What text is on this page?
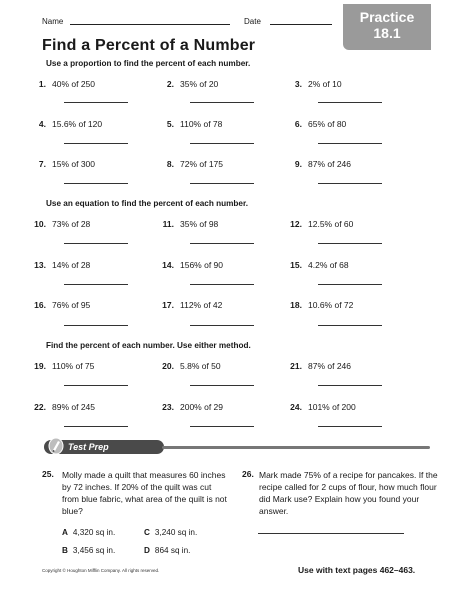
Name	Date	Practice
18.1
Find a Percent of a Number
Use a proportion to find the percent of each number.
1. 40% of 250	2. 35% of 20	3. 2% of 10
4. 15.6% of 120	5. 110% of 78	6. 65% of 80
7. 15% of 300	8. 72% of 175	9. 87% of 246
Use an equation to find the percent of each number.
10. 73% of 28	11. 35% of 98	12. 12.5% of 60
13. 14% of 28	14. 156% of 90	15. 4.2% of 68
16. 76% of 95	17. 112% of 42	18. 10.6% of 72
Find the percent of each number. Use either method.
19. 110% of 75	20. 5.8% of 50	21. 87% of 246
22. 89% of 245	23. 200% of 29	24. 101% of 200
Test Prep
25. Molly made a quilt that measures 60 inches by 72 inches. If 20% of the quilt was cut from blue fabric, what area of the quilt is not blue?
A 4,320 sq in.	C 3,240 sq in.
B 3,456 sq in.	D 864 sq in.
26. Mark made 75% of a recipe for pancakes. If the recipe called for 2 cups of flour, how much flour did Mark use? Explain how you found your answer.
Copyright © Houghton Mifflin Company. All rights reserved.	Use with text pages 462–463.
